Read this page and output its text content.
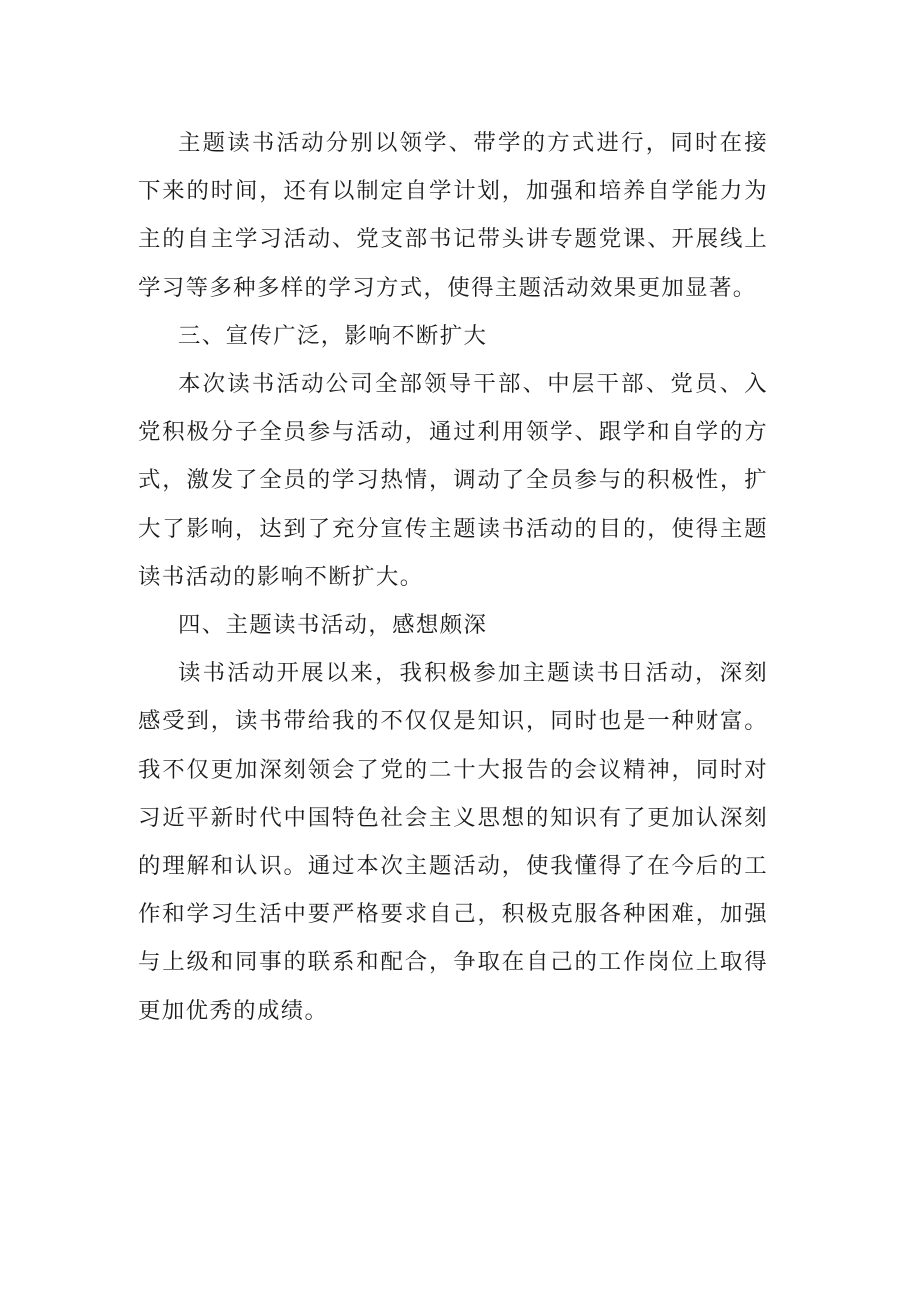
主题读书活动分别以领学、带学的方式进行，同时在接下来的时间，还有以制定自学计划，加强和培养自学能力为主的自主学习活动、党支部书记带头讲专题党课、开展线上学习等多种多样的学习方式，使得主题活动效果更加显著。

三、宣传广泛，影响不断扩大

本次读书活动公司全部领导干部、中层干部、党员、入党积极分子全员参与活动，通过利用领学、跟学和自学的方式，激发了全员的学习热情，调动了全员参与的积极性，扩大了影响，达到了充分宣传主题读书活动的目的，使得主题读书活动的影响不断扩大。

四、主题读书活动，感想颇深

读书活动开展以来，我积极参加主题读书日活动，深刻感受到，读书带给我的不仅仅是知识，同时也是一种财富。我不仅更加深刻领会了党的二十大报告的会议精神，同时对习近平新时代中国特色社会主义思想的知识有了更加认深刻的理解和认识。通过本次主题活动，使我懂得了在今后的工作和学习生活中要严格要求自己，积极克服各种困难，加强与上级和同事的联系和配合，争取在自己的工作岗位上取得更加优秀的成绩。
